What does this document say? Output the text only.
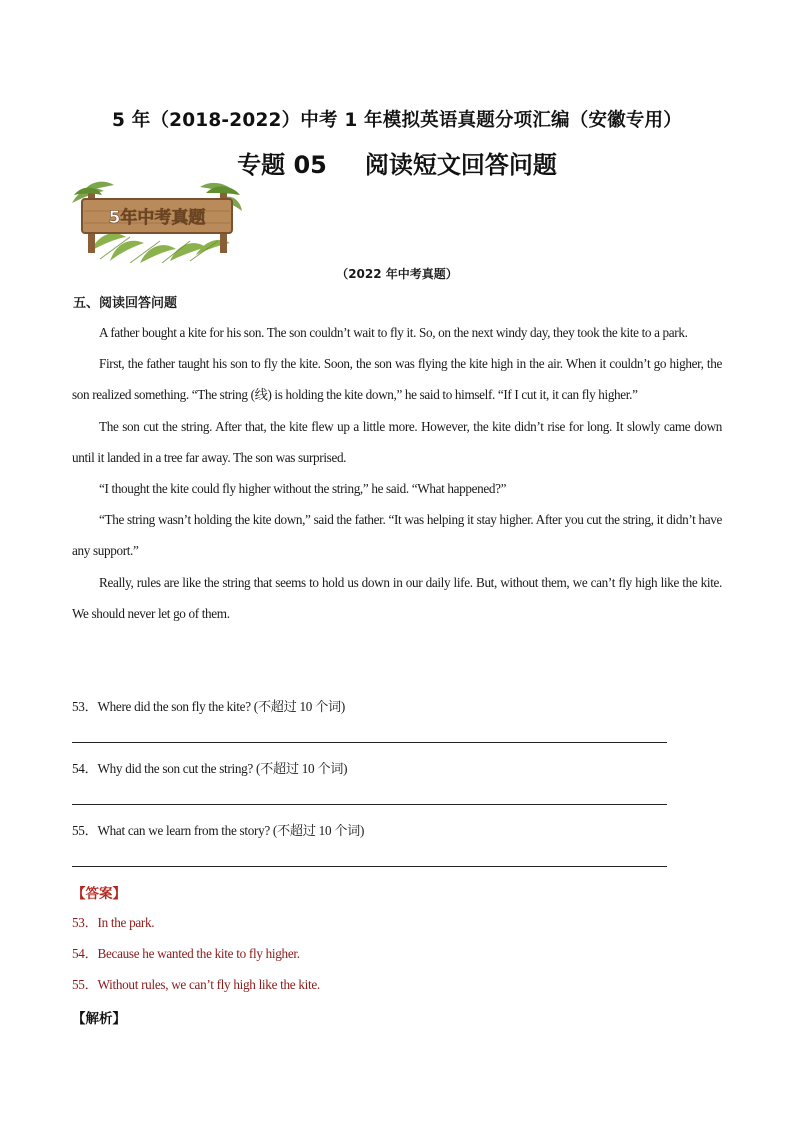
5 年（2018-2022）中考 1 年模拟英语真题分项汇编（安徽专用）
专题 05 阅读短文回答问题
5年中考真题
（2022 年中考真题）
五、阅读回答问题

A father bought a kite for his son. The son couldn’t wait to fly it. So, on the next windy day, they took the kite to a park.

First, the father taught his son to fly the kite. Soon, the son was flying the kite high in the air. When it couldn’t go higher, the son realized something. “The string (线) is holding the kite down,” he said to himself. “If I cut it, it can fly higher.”

The son cut the string. After that, the kite flew up a little more. However, the kite didn’t rise for long. It slowly came down until it landed in a tree far away. The son was surprised.

“I thought the kite could fly higher without the string,” he said. “What happened?”

“The string wasn’t holding the kite down,” said the father. “It was helping it stay higher. After you cut the string, it didn’t have any support.”

Really, rules are like the string that seems to hold us down in our daily life. But, without them, we can’t fly high like the kite. We should never let go of them.

53．Where did the son fly the kite? (不超过 10 个词)
54．Why did the son cut the string? (不超过 10 个词)
55．What can we learn from the story? (不超过 10 个词)
【答案】
53．In the park.
54．Because he wanted the kite to fly higher.
55．Without rules, we can’t fly high like the kite.
【解析】
